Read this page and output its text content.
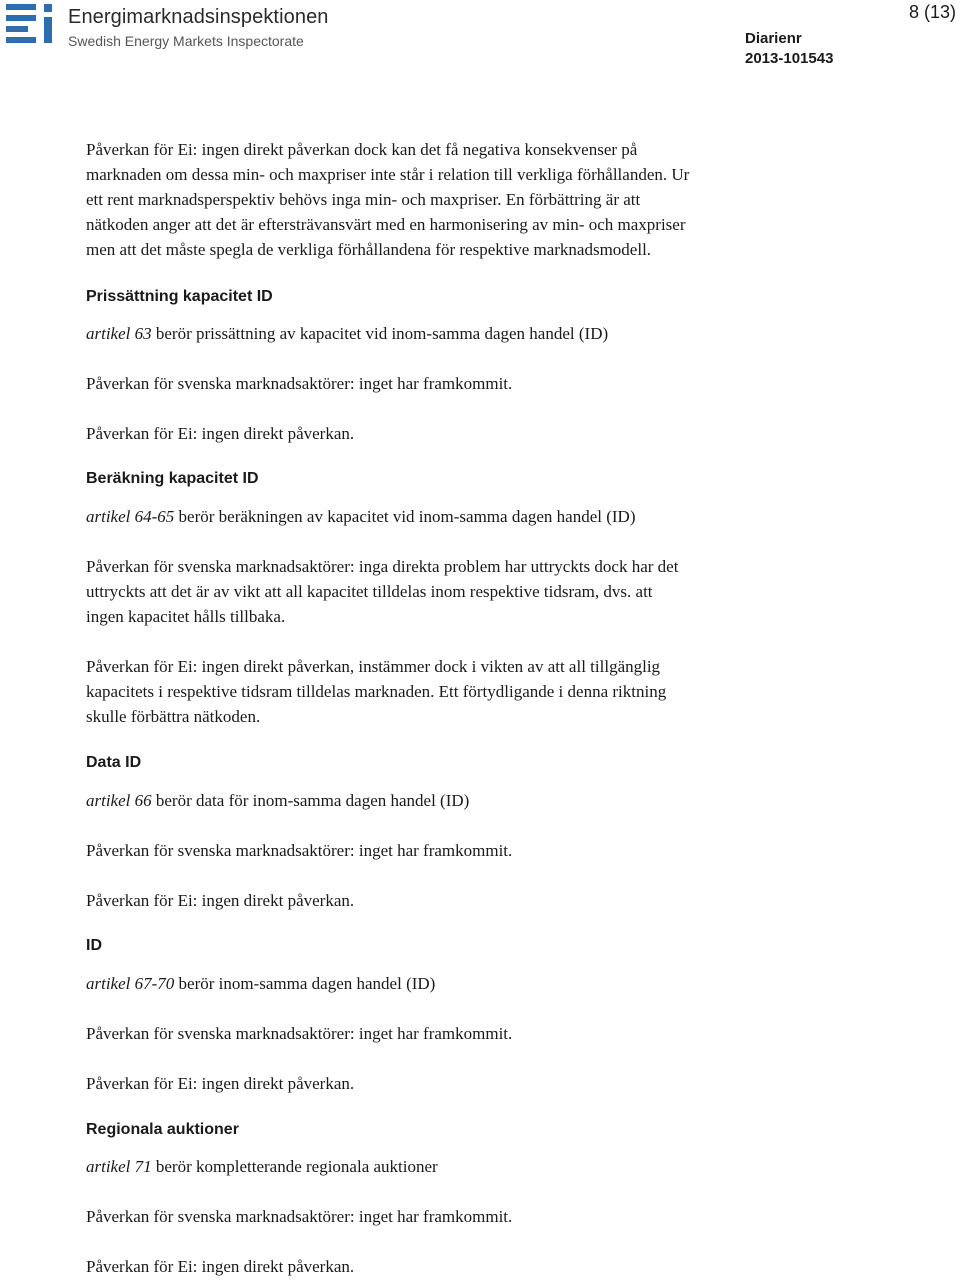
Energimarknadsinspektionen
Swedish Energy Markets Inspectorate	Diarienr
2013-101543
8 (13)

Påverkan för Ei: ingen direkt påverkan dock kan det få negativa konsekvenser på

marknaden om dessa min- och maxpriser inte står i relation till verkliga förhållanden. Ur

ett rent marknadsperspektiv behövs inga min- och maxpriser. En förbättring är att

nätkoden anger att det är eftersträvansvärt med en harmonisering av min- och maxpriser

men att det måste spegla de verkliga förhållandena för respektive marknadsmodell.

Prissättning kapacitet ID

artikel 63 berör prissättning av kapacitet vid inom-samma dagen handel (ID)

Påverkan för svenska marknadsaktörer: inget har framkommit.

Påverkan för Ei: ingen direkt påverkan.

Beräkning kapacitet ID

artikel 64-65 berör beräkningen av kapacitet vid inom-samma dagen handel (ID)

Påverkan för svenska marknadsaktörer: inga direkta problem har uttryckts dock har det

uttryckts att det är av vikt att all kapacitet tilldelas inom respektive tidsram, dvs. att

ingen kapacitet hålls tillbaka.

Påverkan för Ei: ingen direkt påverkan, instämmer dock i vikten av att all tillgänglig

kapacitets i respektive tidsram tilldelas marknaden. Ett förtydligande i denna riktning

skulle förbättra nätkoden.

Data ID

artikel 66 berör data för inom-samma dagen handel (ID)

Påverkan för svenska marknadsaktörer: inget har framkommit.

Påverkan för Ei: ingen direkt påverkan.

ID

artikel 67-70 berör inom-samma dagen handel (ID)

Påverkan för svenska marknadsaktörer: inget har framkommit.

Påverkan för Ei: ingen direkt påverkan.

Regionala auktioner

artikel 71 berör kompletterande regionala auktioner

Påverkan för svenska marknadsaktörer: inget har framkommit.

Påverkan för Ei: ingen direkt påverkan.
